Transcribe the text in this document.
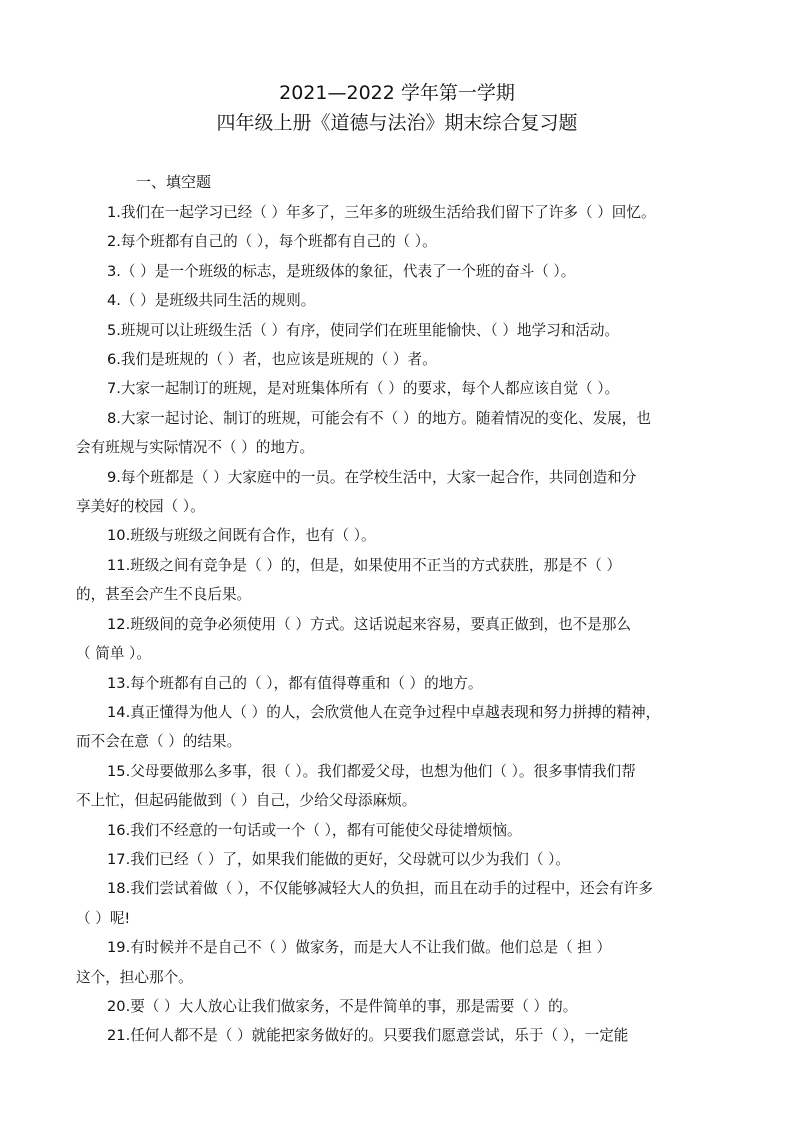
2021—2022 学年第一学期
四年级上册《道德与法治》期末综合复习题
一、填空题
1.我们在一起学习已经（ ）年多了，三年多的班级生活给我们留下了许多（ ）回忆。
2.每个班都有自己的（ ），每个班都有自己的（ ）。
3.（ ）是一个班级的标志，是班级体的象征，代表了一个班的奋斗（ ）。
4.（ ）是班级共同生活的规则。
5.班规可以让班级生活（ ）有序，使同学们在班里能愉快、（ ）地学习和活动。
6.我们是班规的（ ）者，也应该是班规的（ ）者。
7.大家一起制订的班规，是对班集体所有（ ）的要求，每个人都应该自觉（ ）。
8.大家一起讨论、制订的班规，可能会有不（ ）的地方。随着情况的变化、发展，也
会有班规与实际情况不（ ）的地方。
9.每个班都是（ ）大家庭中的一员。在学校生活中，大家一起合作，共同创造和分
享美好的校园（ ）。
10.班级与班级之间既有合作，也有（ ）。
11.班级之间有竞争是（ ）的，但是，如果使用不正当的方式获胜，那是不（ ）
的，甚至会产生不良后果。
12.班级间的竞争必须使用（ ）方式。这话说起来容易，要真正做到，也不是那么
（ 简单 ）。
13.每个班都有自己的（ ），都有值得尊重和（ ）的地方。
14.真正懂得为他人（ ）的人，会欣赏他人在竞争过程中卓越表现和努力拼搏的精神，
而不会在意（ ）的结果。
15.父母要做那么多事，很（ ）。我们都爱父母，也想为他们（ ）。很多事情我们帮
不上忙，但起码能做到（ ）自己，少给父母添麻烦。
16.我们不经意的一句话或一个（ ），都有可能使父母徒增烦恼。
17.我们已经（ ）了，如果我们能做的更好，父母就可以少为我们（ ）。
18.我们尝试着做（ ），不仅能够减轻大人的负担，而且在动手的过程中，还会有许多
（ ）呢!
19.有时候并不是自己不（ ）做家务，而是大人不让我们做。他们总是（ 担 ）
这个，担心那个。
20.要（ ）大人放心让我们做家务，不是件简单的事，那是需要（ ）的。
21.任何人都不是（ ）就能把家务做好的。只要我们愿意尝试，乐于（ ），一定能
